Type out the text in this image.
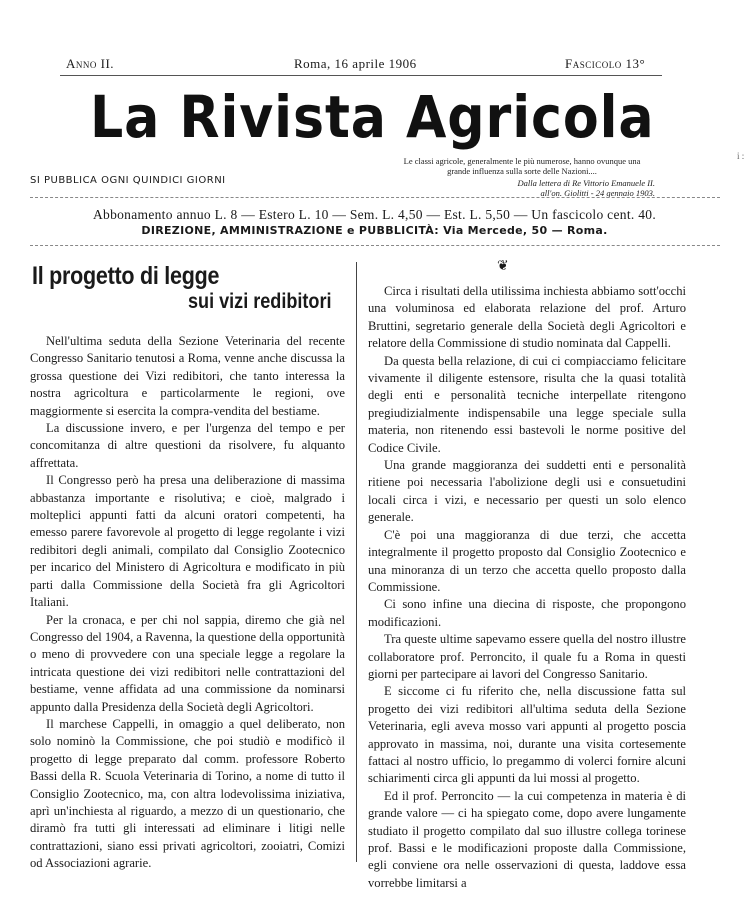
Anno II.	Roma, 16 aprile 1906	Fascicolo 13°
La Rivista Agricola
Le classi agricole, generalmente le più numerose, hanno ovunque una grande influenza sulla sorte delle Nazioni....
Dalla lettera di Re Vittorio Emanuele II.
all'on. Giolitti - 24 gennaio 1903.
SI PUBBLICA OGNI QUINDICI GIORNI
Abbonamento annuo L. 8 — Estero L. 10 — Sem. L. 4,50 — Est. L. 5,50 — Un fascicolo cent. 40.
DIREZIONE, AMMINISTRAZIONE e PUBBLICITÀ: Via Mercede, 50 — Roma.
Il progetto di legge
sui vizi redibitori

Nell'ultima seduta della Sezione Veterinaria del recente Congresso Sanitario tenutosi a Roma, venne anche discussa la grossa questione dei Vizi redibitori, che tanto interessa la nostra agricoltura e particolarmente le regioni, ove maggiormente si esercita la compra-vendita del bestiame.

La discussione invero, e per l'urgenza del tempo e per concomitanza di altre questioni da risolvere, fu alquanto affrettata.

Il Congresso però ha presa una deliberazione di massima abbastanza importante e risolutiva; e cioè, malgrado i molteplici appunti fatti da alcuni oratori competenti, ha emesso parere favorevole al progetto di legge regolante i vizi redibitori degli animali, compilato dal Consiglio Zootecnico per incarico del Ministero di Agricoltura e modificato in più parti dalla Commissione della Società fra gli Agricoltori Italiani.

Per la cronaca, e per chi nol sappia, diremo che già nel Congresso del 1904, a Ravenna, la questione della opportunità o meno di provvedere con una speciale legge a regolare la intricata questione dei vizi redibitori nelle contrattazioni del bestiame, venne affidata ad una commissione da nominarsi appunto dalla Presidenza della Società degli Agricoltori.

Il marchese Cappelli, in omaggio a quel deliberato, non solo nominò la Commissione, che poi studiò e modificò il progetto di legge preparato dal comm. professore Roberto Bassi della R. Scuola Veterinaria di Torino, a nome di tutto il Consiglio Zootecnico, ma, con altra lodevolissima iniziativa, aprì un'inchiesta al riguardo, a mezzo di un questionario, che diramò fra tutti gli interessati ad eliminare i litigi nelle contrattazioni, siano essi privati agricoltori, zooiatri, Comizi od Associazioni agrarie.

❦

Circa i risultati della utilissima inchiesta abbiamo sott'occhi una voluminosa ed elaborata relazione del prof. Arturo Bruttini, segretario generale della Società degli Agricoltori e relatore della Commissione di studio nominata dal Cappelli.

Da questa bella relazione, di cui ci compiacciamo felicitare vivamente il diligente estensore, risulta che la quasi totalità degli enti e personalità tecniche interpellate ritengono pregiudizialmente indispensabile una legge speciale sulla materia, non ritenendo essi bastevoli le norme positive del Codice Civile.

Una grande maggioranza dei suddetti enti e personalità ritiene poi necessaria l'abolizione degli usi e consuetudini locali circa i vizi, e necessario per questi un solo elenco generale.

C'è poi una maggioranza di due terzi, che accetta integralmente il progetto proposto dal Consiglio Zootecnico e una minoranza di un terzo che accetta quello proposto dalla Commissione.

Ci sono infine una diecina di risposte, che propongono modificazioni.

Tra queste ultime sapevamo essere quella del nostro illustre collaboratore prof. Perroncito, il quale fu a Roma in questi giorni per partecipare ai lavori del Congresso Sanitario.

E siccome ci fu riferito che, nella discussione fatta sul progetto dei vizi redibitori all'ultima seduta della Sezione Veterinaria, egli aveva mosso vari appunti al progetto poscia approvato in massima, noi, durante una visita cortesemente fattaci al nostro ufficio, lo pregammo di volerci fornire alcuni schiarimenti circa gli appunti da lui mossi al progetto.

Ed il prof. Perroncito — la cui competenza in materia è di grande valore — ci ha spiegato come, dopo avere lungamente studiato il progetto compilato dal suo illustre collega torinese prof. Bassi e le modificazioni proposte dalla Commissione, egli conviene ora nelle osservazioni di questa, laddove essa vorrebbe limitarsi a

i :
